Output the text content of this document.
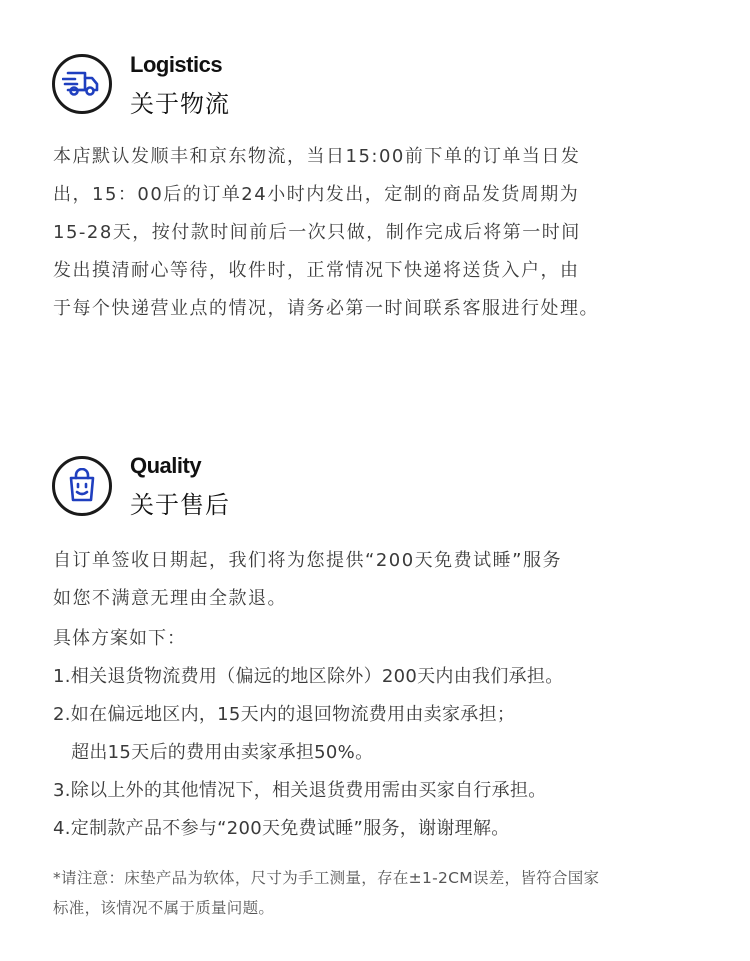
Logistics
关于物流
本店默认发顺丰和京东物流，当日15:00前下单的订单当日发
出，15：00后的订单24小时内发出，定制的商品发货周期为
15-28天，按付款时间前后一次只做，制作完成后将第一时间
发出摸清耐心等待，收件时，正常情况下快递将送货入户，由
于每个快递营业点的情况，请务必第一时间联系客服进行处理。
Quality
关于售后
自订单签收日期起，我们将为您提供“200天免费试睡”服务
如您不满意无理由全款退。
具体方案如下：
1.相关退货物流费用（偏远的地区除外）200天内由我们承担。
2.如在偏远地区内，15天内的退回物流费用由卖家承担；
超出15天后的费用由卖家承担50%。
3.除以上外的其他情况下，相关退货费用需由买家自行承担。
4.定制款产品不参与“200天免费试睡”服务，谢谢理解。
*请注意：床垫产品为软体，尺寸为手工测量，存在±1-2CM误差，皆符合国家
标准，该情况不属于质量问题。
